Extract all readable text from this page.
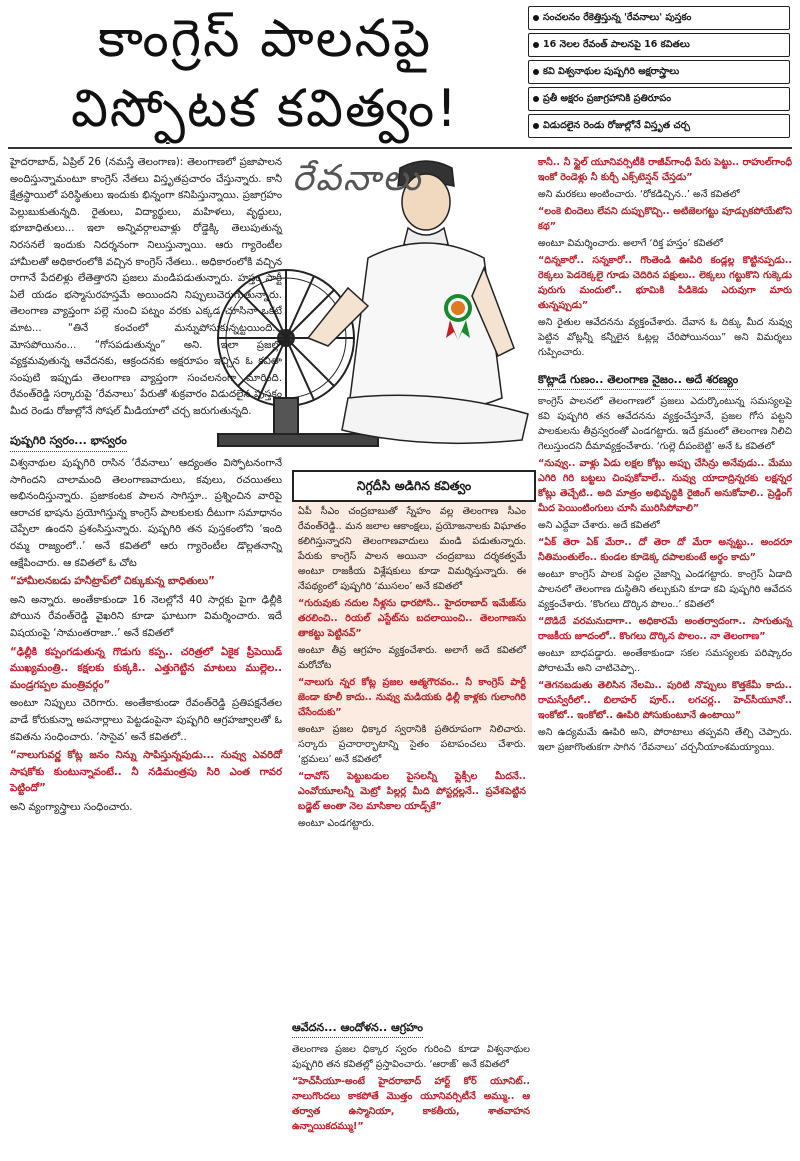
కాంగ్రెస్ పాలనపై
విస్ఫోటక కవిత్వం!
సంచలనం రేకెత్తిస్తున్న 'రేవనాలు' పుస్తకం
16 నెలల రేవంత్ పాలనపై 16 కవితలు
కవి విశ్వనాథుల పుష్పగిరి అక్షరాస్త్రాలు
ప్రతీ అక్షరం ప్రజాగ్రహానికి ప్రతిరూపం
విడుదలైన రెండు రోజుల్లోనే విస్తృత చర్చ
రేవనాలు

హైదరాబాద్, ఏప్రిల్ 26 (నమస్తే తెలంగాణ): తెలంగాణలో ప్రజాపాలన అందిస్తున్నామంటూ కాంగ్రెస్ నేతలు విస్తృతప్రచారం చేస్తున్నారు. కానీ క్షేత్రస్థాయిలో పరిస్థితులు ఇందుకు భిన్నంగా కనిపిస్తున్నాయి. ప్రజాగ్రహం పెల్లుబుకుతున్నది. రైతులు, విద్యార్థులు, మహిళలు, వృద్ధులు, భూబాధితులు... ఇలా అన్నివర్గాలవాళ్లు రోడ్డెక్కి తెలుపుతున్న నిరసనలే ఇందుకు నిదర్శనంగా నిలుస్తున్నాయి. ఆరు గ్యారెంటీల హామీలతో అధికారంలోకి వచ్చిన కాంగ్రెస్ నేతలు.. అధికారంలోకి వచ్చిన రాగానే పేదలిళ్లు లేతెత్తారని ప్రజలు మండిపడుతున్నారు. హస్తం పార్టీ ఏలే యడం భస్మాసురహస్తమే అయిందని నిప్పులుచెరుగుతున్నారు. తెలంగాణ వ్యాప్తంగా పల్లె నుంచి పట్నం వరకు ఎక్కడ చూసినా ఒకటే మాట... “తినే కంచంలో మన్నుపోసుకున్నట్టయింది... మోసపోయినం... “గోసపడుతున్నం” అని. ఇలా ప్రజల్లో వ్యక్తమవుతున్న ఆవేదనకు, ఆక్రందనకు అక్షరూపం ఇచ్చిన ఓ కవితా సంపుటి ఇప్పుడు తెలంగాణ వ్యాప్తంగా సంచలనంగా మారింది. రేవంత్‌రెడ్డి సర్కారుపై ‘రేవనాలు’ పేరుతో శుక్రవారం విడుదలైన పుస్తకం మీద రెండు రోజుల్లోనే సోషల్ మీడియాలో చర్చ జరుగుతున్నది.

పుష్పగిరి స్వరం... భాస్వరం

విశ్వనాథుల పుష్పగిరి రాసిన ‘రేవనాలు’ ఆద్యంతం విస్ఫోటనంగానే సాగిందని చాలామంది తెలంగాణవాదులు, కవులు, రచయితలు అభినందిస్తున్నారు. ప్రజాకంటక పాలన సాగిస్తూ.. ప్రశ్నించిన వారిపై ఆరాచక భాషను ప్రయోగిస్తున్న కాంగ్రెస్ పాలకులకు దీటుగా సమాధానం చెప్పేలా ఉందని ప్రశంసిస్తున్నారు. పుష్పగిరి తన పుస్తకంలోని ‘ఇంది రమ్మ రాజ్యంలో..’ అనే కవితలో ఆరు గ్యారెంటీల డొల్లతనాన్ని ఆక్షేపించారు. ఆ కవితలో ఓ చోట

“హామీలనబడు హనీట్రాప్‌లో చిక్కుకున్న బాధితులు”

అని అన్నారు. అంతేకాకుండా 16 నెలల్లోనే 40 సార్లకు పైగా ఢిల్లీకి పోయిన రేవంత్‌రెడ్డి వైఖరిని కూడా ఘాటుగా విమర్శించారు. ఇదే విషయంపై ‘సామంతరాజా..’ అనే కవితలో

“ఢిల్లీకి కప్పంగడుతున్న గొడుగు కప్ప.. చరిత్రలో ఏకైక ప్రీపెయిడ్ ముఖ్యమంత్రి.. కక్షలకు కుక్కకి.. ఎత్తుగెట్టిన మాటలు ముల్లెల.. మండ్రగప్పల మంత్రివర్గం”

అంటూ నిప్పులు చెరిగారు. అంతేకాకుండా రేవంత్‌రెడ్డి ప్రతిపక్షనేతల వాడే కోరుకున్నా అపనార్లాలు పెట్టడంపైనా పుష్పగిరి ఆగ్రహజ్వాలతో ఓ కవితను సంధించారు. ‘సాసైవ’ అనే కవితలో..

“నాలుగువర్ణ కోట్ల జనం నిన్ను సాపిస్తున్నపుడు... నువ్వు ఎవరిదో సాషకోకు కుంటున్నావంటే.. నీ నడిమంత్రపు సిరి ఎంత గావర పెట్టిందో”

అని వ్యంగ్యాస్త్రాలు సంధించారు.

నిగ్గదీసి అడిగిన కవిత్వం

ఏపీ సీఎం చంద్రబాబుతో స్నేహం వల్ల తెలంగాణ సీఎం రేవంత్‌రెడ్డి.. మన జలాల ఆకాంక్షలు, ప్రయోజనాలకు విఘాతం కలిగిస్తున్నారని తెలంగాణవాదులు మండి పడుతున్నారు. పేరుకు కాంగ్రెస్ పాలన అయినా చంద్రబాబు దర్శకత్వమే అంటూ రాజకీయ విశ్లేషకులు కూడా విమర్శిస్తున్నారు. ఈ నేపథ్యంలో పుష్పగిరి ‘ముసలం’ అనే కవితలో

“గురువుకు నదుల నీళ్లను ధారపోసి.. హైదరాబాద్ ఇమేజ్‌ను తరలించి.. రియల్ ఎస్టేట్‌ను బదలాయించి.. తెలంగాణను తాకట్టు పెట్టినవ్”

అంటూ తీవ్ర ఆగ్రహం వ్యక్తంచేశారు. అలాగే అదే కవితలో మరోచోట

“నాలుగు న్నర కోట్ల ప్రజల ఆత్మగౌరవం.. నీ కాంగ్రెస్ పార్టీ జెండా కూలీ కాదు.. నువ్వు మడియకు ఢిల్లీ కాళ్లకు గులాంగిరి చేసేందుకు”

అంటూ ప్రజల ధిక్కార స్వరానికి ప్రతిరూపంగా నిలిచారు. సర్కారు ప్రచారార్భాటాన్ని సైతం పటాపంచలు చేశారు. ‘భ్రమలు’ అనే కవితలో

“దావోస్ పెట్టుబడుల పైసలన్నీ ఫ్లెక్సీల మీదనే.. ఎంవోయూలన్నీ మెట్రో పిల్లర్ల మీది పోస్టర్లల్లనే.. ప్రవేశపెట్టిన బడ్జెట్ అంతా నెల మాసికాల యాడ్స్‌కే”

అంటూ ఎండగట్టారు.

ఆవేదన... ఆందోళన.. ఆగ్రహం

తెలంగాణ ప్రజల ధిక్కార స్వరం గురించి కూడా విశ్వనాథుల పుష్పగిరి తన కవితల్లో ప్రస్తావించారు. ‘ఆరాజ్’ అనే కవితలో

“హెచ్‌సీయూ-అంటే హైదరాబాద్ హార్ట్ కోర్ యూనిట్.. నాలుగొందలు కాకపోతే మొత్తం యూనివర్సిటీనే అమ్ము.. ఆ తర్వాత ఉస్మానియా, కాకతీయ, శాతవాహన ఉన్నాయికదమ్ము!”

కానీ.. నీ స్టైల్ యూనివర్సిటీకి రాజీవ్‌గాంధీ పేరు పెట్టు.. రాహుల్‌గాంధీ ఇంకో రెండెళ్లు నీ కుర్చీ ఎక్స్‌టెన్షన్ చేస్తడు”

అని మరకలు అంటించారు. ‘రోకడిచ్చిన..’ అనే కవితలో

“లంకె బిందెలు లేవని దుప్పుకొచ్చి.. అటిజెలగట్టు పూడ్చుకపోయేటోని కథ”

అంటూ విమర్శించారు. అలాగే ‘రిక్త హస్తం’ కవితలో

“దిన్నకారో.. సన్నకారో.. గొంతెండి ఊపిరి కండ్లల్ల కొట్టినప్పడు.. రెక్కలు పెడరెక్కలై గూడు చెదిరిన పక్షులు.. లెక్కలు గట్టుకొని గుక్కెడు పురుగు మందులో.. భూమికి పిడికెడు ఎరువుగా మారు తున్నప్పుడు”

అని రైతుల ఆవేదనను వ్యక్తంచేశారు. దేవాన ఓ దిక్కు మీద నువ్వు పెట్టిన వోట్లన్నీ కన్నీలైన ఓట్లల్ల చేరిపోయినయి” అని విమర్శలు గుప్పించారు.

కొట్లాడే గుణం.. తెలంగాణ నైజం.. అదే శరణ్యం

కాంగ్రెస్ పాలనలో తెలంగాణలో ప్రజలు ఎదుర్కొంటున్న సమస్యలపై కవి పుష్పగిరి తన ఆవేదనను వ్యక్తంచేస్తూనే, ప్రజల గోస పట్టని పాలకులను తీవ్రస్వరంతో ఎండగట్టారు. ఇదే క్రమంలో తెలంగాణ నిలిచి గెలుస్తుందని దీమావ్యక్తంచేశారు. ‘గుల్లె దీపంబెట్టి’ అనే ఓ కవితలో

“నువ్వు.. వాళ్లు ఏడు లక్షల కోట్లు అప్పు చేసిన్రు అనేవుడు.. మేము ఎగిరి గిరి బట్టలు చింపుకోవాలే.. నువ్వు యాదాద్రిన్నరకు లక్షన్నర కోట్లు తెచ్చేటి.. అది మాత్రం అభివృద్ధికి రైజింగ్ అనుకోవాలి.. ప్రెడ్డింగ్ మీద పెయింటింగులు చూసి మురిసిపోవాలి”

అని ఎద్దేవా చేశారు. అదే కవితలో

“ఏక్ తెరా ఏక్ మేరా.. దో తెరా దో మేరా అన్నట్టు.. అందరూ నీతిమంతులేం.. కుండల కూడెక్క దపాలకుంటే అర్థం కాదు”

అంటూ కాంగ్రెస్ పాలక పెద్దల నైజాన్ని ఎండగట్టారు. కాంగ్రెస్ ఏడాది పాలనలో తెలంగాణ దుస్థితిని తల్చుకుని కూడా కవి పుష్పగిరి ఆవేదన వ్యక్తంచేశారు. ‘కొంగలు దొర్కిన పొలం..’ కవితలో

“దొడిదే వరమనుదాగా.. అధికారమే అంతర్వాదంగా.. సాగుతున్న రాజకీయ జూదంలో.. కొంగలు దొర్కిన పొలం.. నా తెలంగాణ”

అంటూ బాధపడ్డారు. అంతేకాకుండా సకల సమస్యలకు పరిష్కారం పోరాటమే అని చాటిచెప్పా..

“తెగనబడుతు తెలిసిన నేలమి.. పురిటి నొప్పులు కొత్తకేమీ కాదు.. రామస్వేరీలో.. బిలాహర్ పూర్.. లగచర్ల.. హెచ్‌సీయూనో.. ఇంకోటో.. ఇంకోటో.. ఊపిరి పోసుకుంటూనే ఉంటాయి”

అని ఉద్యమమే ఊపిరి అని, పోరాటాలు తప్పవని తేల్చి చెప్పారు. ఇలా ప్రజాగొంతుకగా సాగిన ‘రేవనాలు’ చర్చనీయాంశమయ్యాయి.
